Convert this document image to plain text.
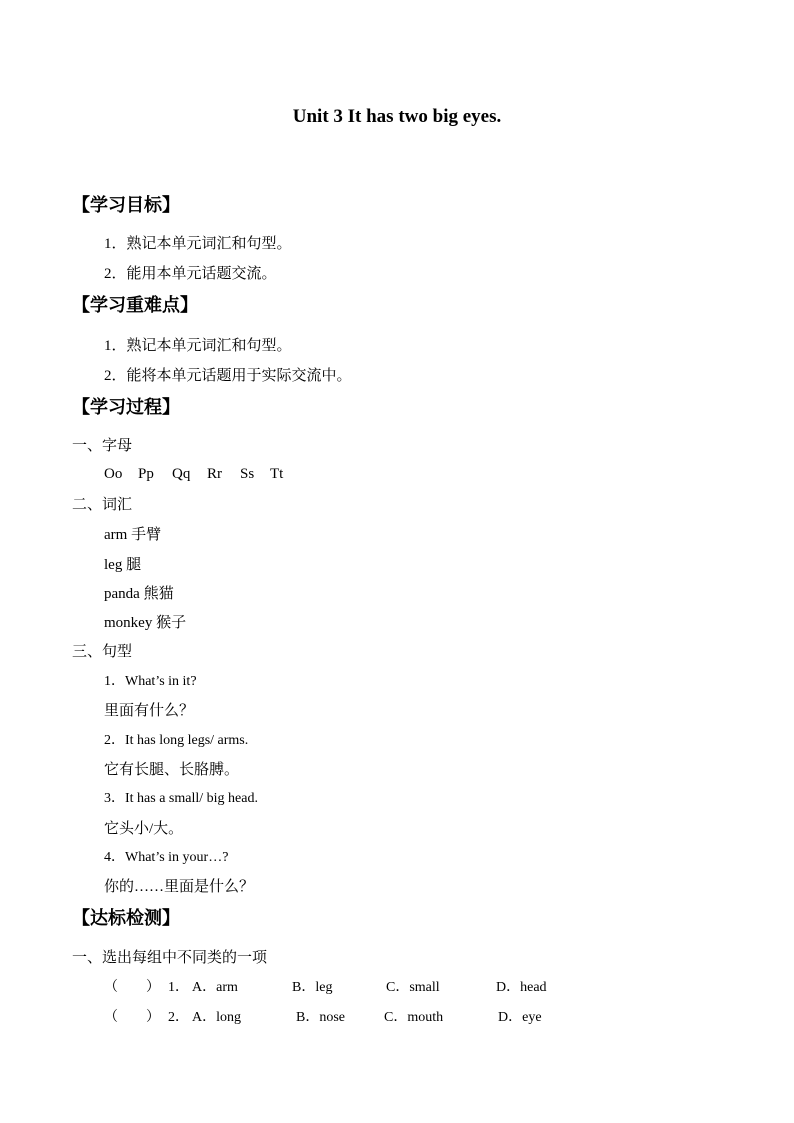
Unit 3 It has two big eyes.
【学习目标】
1．熟记本单元词汇和句型。
2．能用本单元话题交流。
【学习重难点】
1．熟记本单元词汇和句型。
2．能将本单元话题用于实际交流中。
【学习过程】
一、字母
Oo Pp Qq Rr Ss Tt
二、词汇
arm 手臂
leg 腿
panda 熊猫
monkey 猴子
三、句型
1．What’s in it?
里面有什么？
2．It has long legs/ arms.
它有长腿、长胳膊。
3．It has a small/ big head.
它头小/大。
4．What’s in your…?
你的……里面是什么？
【达标检测】
一、选出每组中不同类的一项
（　　） 1． A．arm	B．leg	C．small	D．head
（　　） 2． A．long	B．nose	C．mouth	D．eye
